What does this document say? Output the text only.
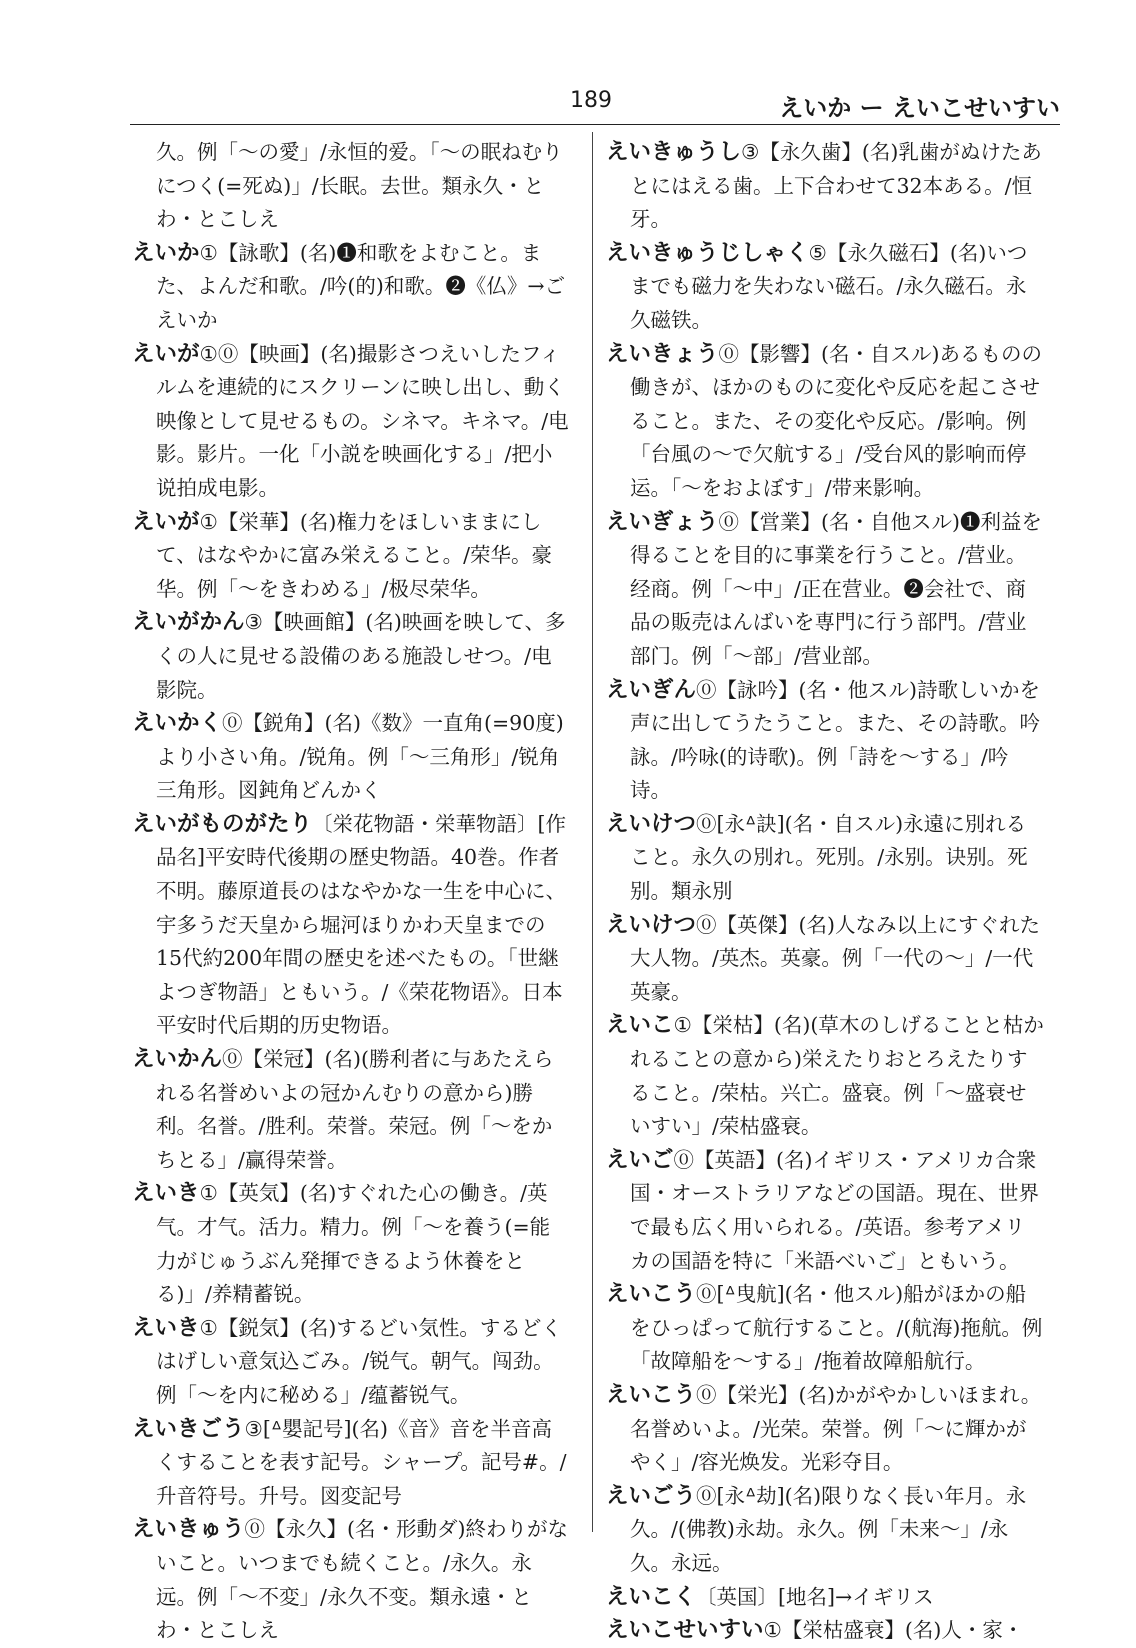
189	えいか ー えいこせいすい

久。例「～の愛」/永恒的爱。「～の眠ねむりにつく(=死ぬ)」/长眠。去世。類永久・とわ・とこしえ

えいか①【詠歌】(名)❶和歌をよむこと。また、よんだ和歌。/吟(的)和歌。❷《仏》→ごえいか

えいが①⓪【映画】(名)撮影さつえいしたフィルムを連続的にスクリーンに映し出し、動く映像として見せるもの。シネマ。キネマ。/电影。影片。一化「小説を映画化する」/把小说拍成电影。

えいが①【栄華】(名)権力をほしいままにして、はなやかに富み栄えること。/荣华。豪华。例「～をきわめる」/极尽荣华。

えいがかん③【映画館】(名)映画を映して、多くの人に見せる設備のある施設しせつ。/电影院。

えいかく⓪【鋭角】(名)《数》一直角(=90度)より小さい角。/锐角。例「～三角形」/锐角三角形。図鈍角どんかく

えいがものがたり〔栄花物語・栄華物語〕[作品名]平安時代後期の歴史物語。40巻。作者不明。藤原道長のはなやかな一生を中心に、宇多うだ天皇から堀河ほりかわ天皇までの15代約200年間の歴史を述べたもの。「世継よつぎ物語」ともいう。/《荣花物语》。日本平安时代后期的历史物语。

えいかん⓪【栄冠】(名)(勝利者に与あたえられる名誉めいよの冠かんむりの意から)勝利。名誉。/胜利。荣誉。荣冠。例「～をかちとる」/赢得荣誉。

えいき①【英気】(名)すぐれた心の働き。/英气。才气。活力。精力。例「～を養う(=能力がじゅうぶん発揮できるよう休養をとる)」/养精蓄锐。

えいき①【鋭気】(名)するどい気性。するどくはげしい意気込ごみ。/锐气。朝气。闯劲。例「～を内に秘める」/蕴蓄锐气。

えいきごう③[ᐞ嬰記号](名)《音》音を半音高くすることを表す記号。シャープ。記号#。/升音符号。升号。図変記号

えいきゅう⓪【永久】(名・形動ダ)終わりがないこと。いつまでも続くこと。/永久。永远。例「～不変」/永久不变。類永遠・とわ・とこしえ

えいきゅうし③【永久歯】(名)乳歯がぬけたあとにはえる歯。上下合わせて32本ある。/恒牙。

えいきゅうじしゃく⑤【永久磁石】(名)いつまでも磁力を失わない磁石。/永久磁石。永久磁铁。

えいきょう⓪【影響】(名・自スル)あるものの働きが、ほかのものに変化や反応を起こさせること。また、その変化や反応。/影响。例「台風の～で欠航する」/受台风的影响而停运。「～をおよぼす」/带来影响。

えいぎょう⓪【営業】(名・自他スル)❶利益を得ることを目的に事業を行うこと。/营业。经商。例「～中」/正在营业。❷会社で、商品の販売はんばいを専門に行う部門。/营业部门。例「～部」/营业部。

えいぎん⓪【詠吟】(名・他スル)詩歌しいかを声に出してうたうこと。また、その詩歌。吟詠。/吟咏(的诗歌)。例「詩を～する」/吟诗。

えいけつ⓪[永ᐞ訣](名・自スル)永遠に別れること。永久の別れ。死別。/永别。诀别。死别。類永別

えいけつ⓪【英傑】(名)人なみ以上にすぐれた大人物。/英杰。英豪。例「一代の～」/一代英豪。

えいこ①【栄枯】(名)(草木のしげることと枯かれることの意から)栄えたりおとろえたりすること。/荣枯。兴亡。盛衰。例「～盛衰せいすい」/荣枯盛衰。

えいご⓪【英語】(名)イギリス・アメリカ合衆国・オーストラリアなどの国語。現在、世界で最も広く用いられる。/英语。参考アメリカの国語を特に「米語べいご」ともいう。

えいこう⓪[ᐞ曳航](名・他スル)船がほかの船をひっぱって航行すること。/(航海)拖航。例「故障船を～する」/拖着故障船航行。

えいこう⓪【栄光】(名)かがやかしいほまれ。名誉めいよ。/光荣。荣誉。例「～に輝かがやく」/容光焕发。光彩夺目。

えいごう⓪[永ᐞ劫](名)限りなく長い年月。永久。/(佛教)永劫。永久。例「未来～」/永久。永远。

えいこく〔英国〕[地名]→イギリス

えいこせいすい①【栄枯盛衰】(名)人・家・
